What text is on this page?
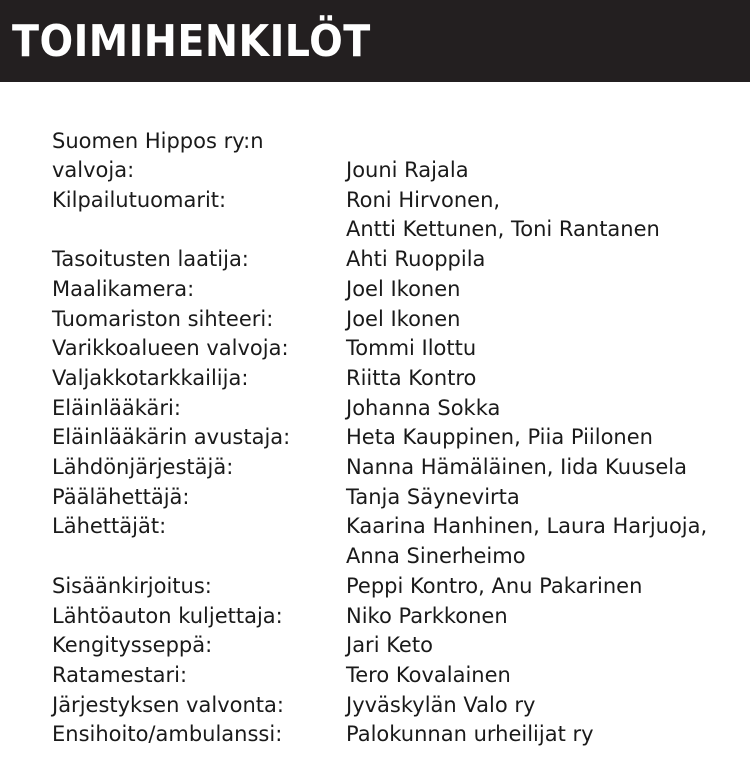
TOIMIHENKILÖT
Suomen Hippos ry:n
valvoja:	Jouni Rajala
Kilpailutuomarit:	Roni Hirvonen,
Antti Kettunen, Toni Rantanen
Tasoitusten laatija:	Ahti Ruoppila
Maalikamera:	Joel Ikonen
Tuomariston sihteeri:	Joel Ikonen
Varikkoalueen valvoja:	Tommi Ilottu
Valjakkotarkkailija:	Riitta Kontro
Eläinlääkäri:	Johanna Sokka
Eläinlääkärin avustaja:	Heta Kauppinen, Piia Piilonen
Lähdönjärjestäjä:	Nanna Hämäläinen, Iida Kuusela
Päälähettäjä:	Tanja Säynevirta
Lähettäjät:	Kaarina Hanhinen, Laura Harjuoja,
Anna Sinerheimo
Sisäänkirjoitus:	Peppi Kontro, Anu Pakarinen
Lähtöauton kuljettaja:	Niko Parkkonen
Kengitysseppä:	Jari Keto
Ratamestari:	Tero Kovalainen
Järjestyksen valvonta:	Jyväskylän Valo ry
Ensihoito/ambulanssi:	Palokunnan urheilijat ry
